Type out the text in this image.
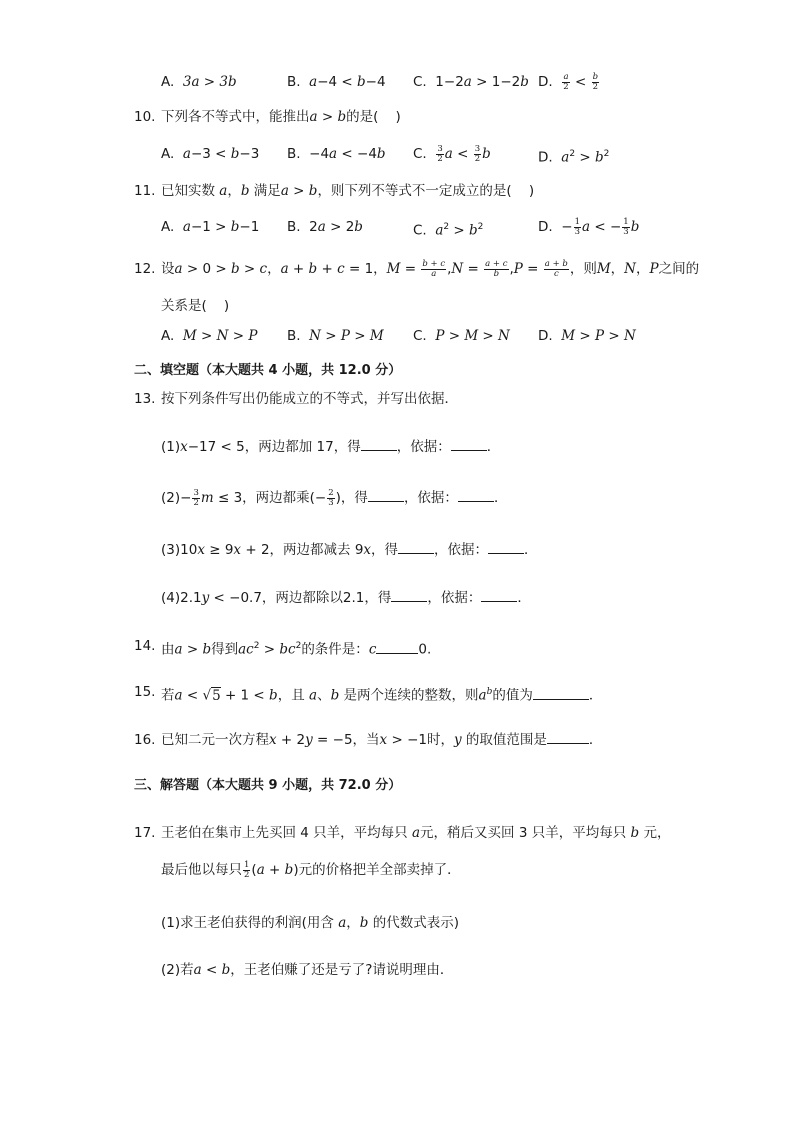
A.  3a > 3b	B.  a−4 < b−4 C.  1−2a > 1−2b D. $\frac{a}{2} < \frac{b}{2}$
10. 下列各不等式中，能推出a > b的是(    )
A.  a−3 < b−3 B.  −4a < −4b C. $\frac{3}{2}$ $a < \frac{3}{2}$ b	D.  $a^2 > b^2$
11. 已知实数 a，b 满足a > b，则下列不等式不一定成立的是(    )
A.  a−1 > b−1 B.  2a > 2b	C.  $a^2 > b^2$	D.  − $\frac{1}{3}$ a < − $\frac{1}{3}$ b
12. 设a > 0 > b > c，a + b + c = 1，$M = \frac{b + c}{a} ,N = \frac{a + c}{b} ,P = \frac{a + b}{c}$ ，则M，N，P之间的
关系是(    )
A.  M > N > P B.  N > P > M C.  P > M > N D.  M > P > N
二、填空题（本大题共 4 小题，共 12.0 分）
13. 按下列条件写出仍能成立的不等式，并写出依据．
(1)x−17 < 5，两边都加 17，得	，依据：	．
$(2)- \frac{3}{2}$ m ≤ 3，两边都乘(− $\frac{2}{3}$ )，得	，依据：	．
(3)10x ≥ 9x + 2，两边都减去 9x，得	，依据：	．
(4)2.1y < −0.7，两边都除以2.1，得	，依据：	．
14. 由a > b得到$ac^2 > bc^2$的条件是：c	0.
15. 若a < √5 + 1 < b，且 a、b 是两个连续的整数，则$a^b$的值为	．
16. 已知二元一次方程x + 2y = −5，当x > −1时，y 的取值范围是	．
三、解答题（本大题共 9 小题，共 72.0 分）
17. 王老伯在集市上先买回 4 只羊，平均每只 a元，稍后又买回 3 只羊，平均每只 b 元，
最后他以每只 $\frac{1}{2} (a + b)$元的价格把羊全部卖掉了．
(1)求王老伯获得的利润(用含 a，b 的代数式表示)
(2)若a < b，王老伯赚了还是亏了?请说明理由．
